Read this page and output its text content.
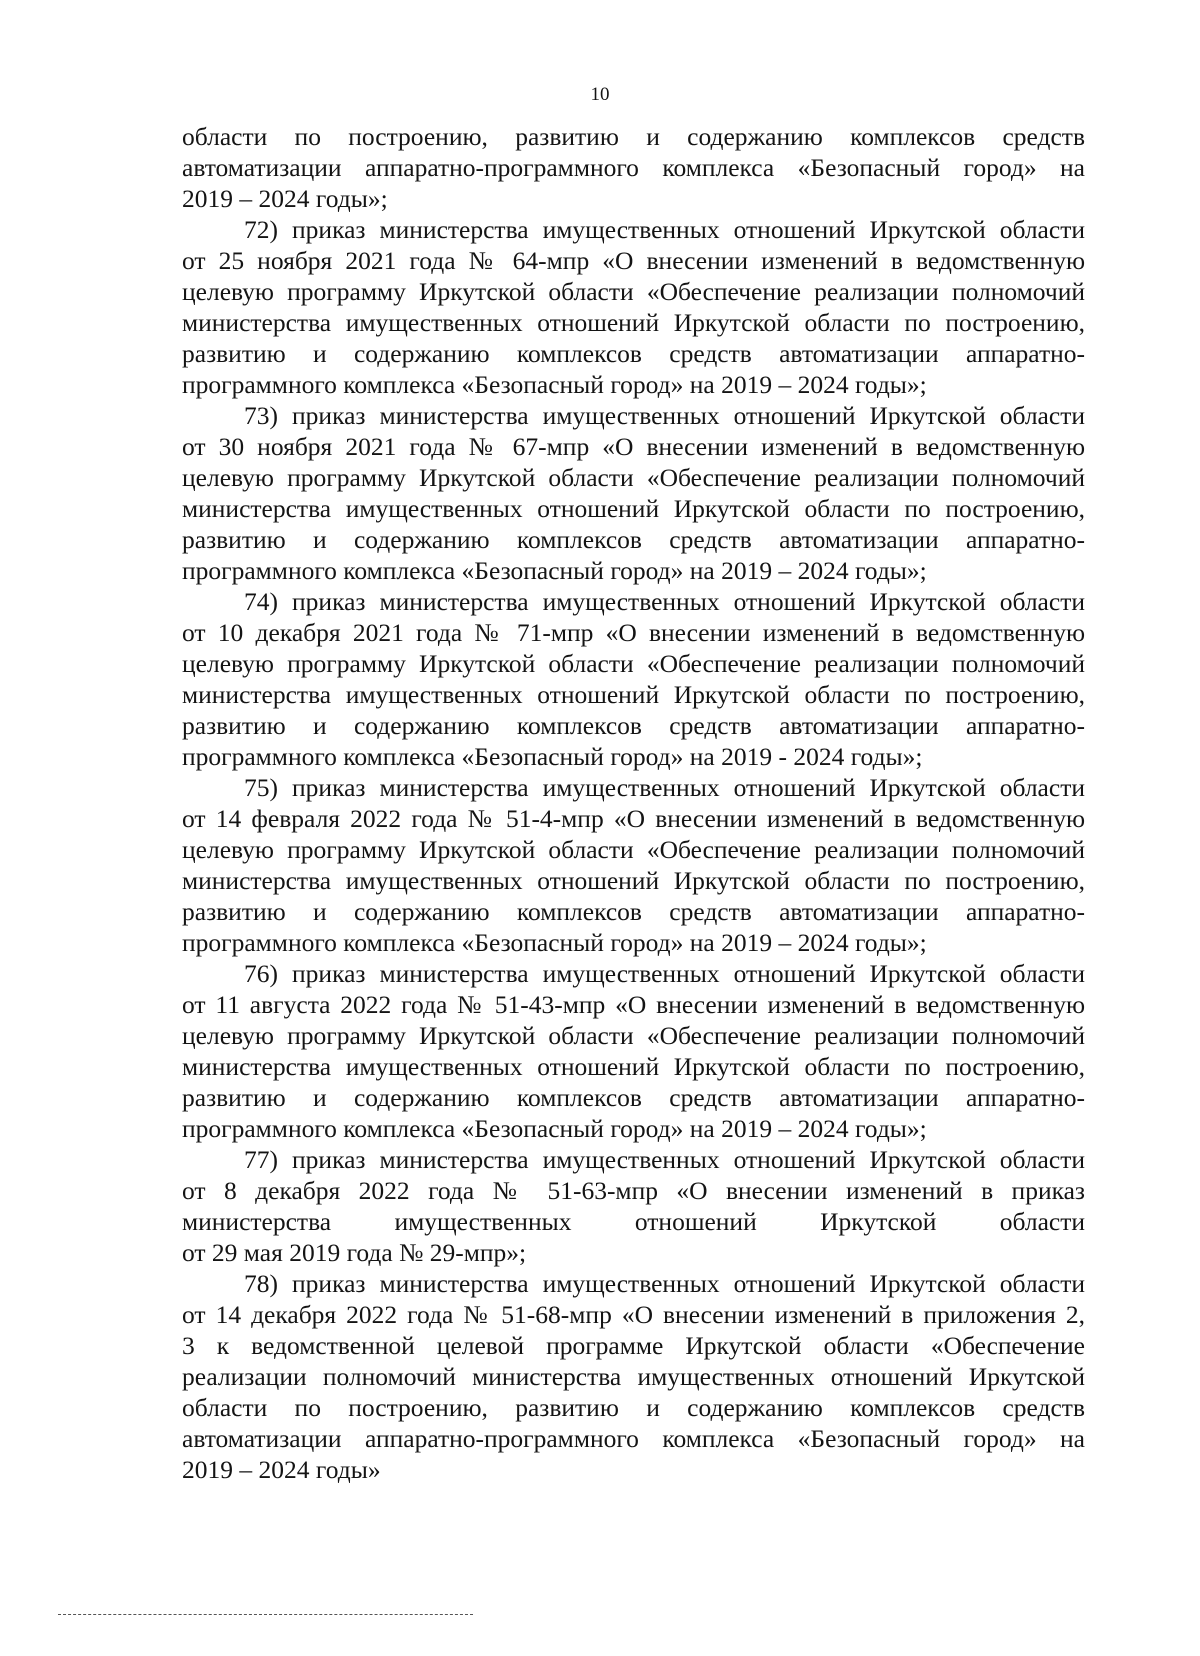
10
области по построению, развитию и содержанию комплексов средств
автоматизации аппаратно-программного комплекса «Безопасный город» на
2019 – 2024 годы»;
72) приказ министерства имущественных отношений Иркутской области
от 25 ноября 2021 года № 64-мпр «О внесении изменений в ведомственную
целевую программу Иркутской области «Обеспечение реализации полномочий
министерства имущественных отношений Иркутской области по построению,
развитию и содержанию комплексов средств автоматизации аппаратно-
программного комплекса «Безопасный город» на 2019 – 2024 годы»;
73) приказ министерства имущественных отношений Иркутской области
от 30 ноября 2021 года № 67-мпр «О внесении изменений в ведомственную
целевую программу Иркутской области «Обеспечение реализации полномочий
министерства имущественных отношений Иркутской области по построению,
развитию и содержанию комплексов средств автоматизации аппаратно-
программного комплекса «Безопасный город» на 2019 – 2024 годы»;
74) приказ министерства имущественных отношений Иркутской области
от 10 декабря 2021 года № 71-мпр «О внесении изменений в ведомственную
целевую программу Иркутской области «Обеспечение реализации полномочий
министерства имущественных отношений Иркутской области по построению,
развитию и содержанию комплексов средств автоматизации аппаратно-
программного комплекса «Безопасный город» на 2019 - 2024 годы»;
75) приказ министерства имущественных отношений Иркутской области
от 14 февраля 2022 года № 51-4-мпр «О внесении изменений в ведомственную
целевую программу Иркутской области «Обеспечение реализации полномочий
министерства имущественных отношений Иркутской области по построению,
развитию и содержанию комплексов средств автоматизации аппаратно-
программного комплекса «Безопасный город» на 2019 – 2024 годы»;
76) приказ министерства имущественных отношений Иркутской области
от 11 августа 2022 года № 51-43-мпр «О внесении изменений в ведомственную
целевую программу Иркутской области «Обеспечение реализации полномочий
министерства имущественных отношений Иркутской области по построению,
развитию и содержанию комплексов средств автоматизации аппаратно-
программного комплекса «Безопасный город» на 2019 – 2024 годы»;
77) приказ министерства имущественных отношений Иркутской области
от 8 декабря 2022 года № 51-63-мпр «О внесении изменений в приказ
министерства имущественных отношений Иркутской области
от 29 мая 2019 года № 29-мпр»;
78) приказ министерства имущественных отношений Иркутской области
от 14 декабря 2022 года № 51-68-мпр «О внесении изменений в приложения 2,
3 к ведомственной целевой программе Иркутской области «Обеспечение
реализации полномочий министерства имущественных отношений Иркутской
области по построению, развитию и содержанию комплексов средств
автоматизации аппаратно-программного комплекса «Безопасный город» на
2019 – 2024 годы»
